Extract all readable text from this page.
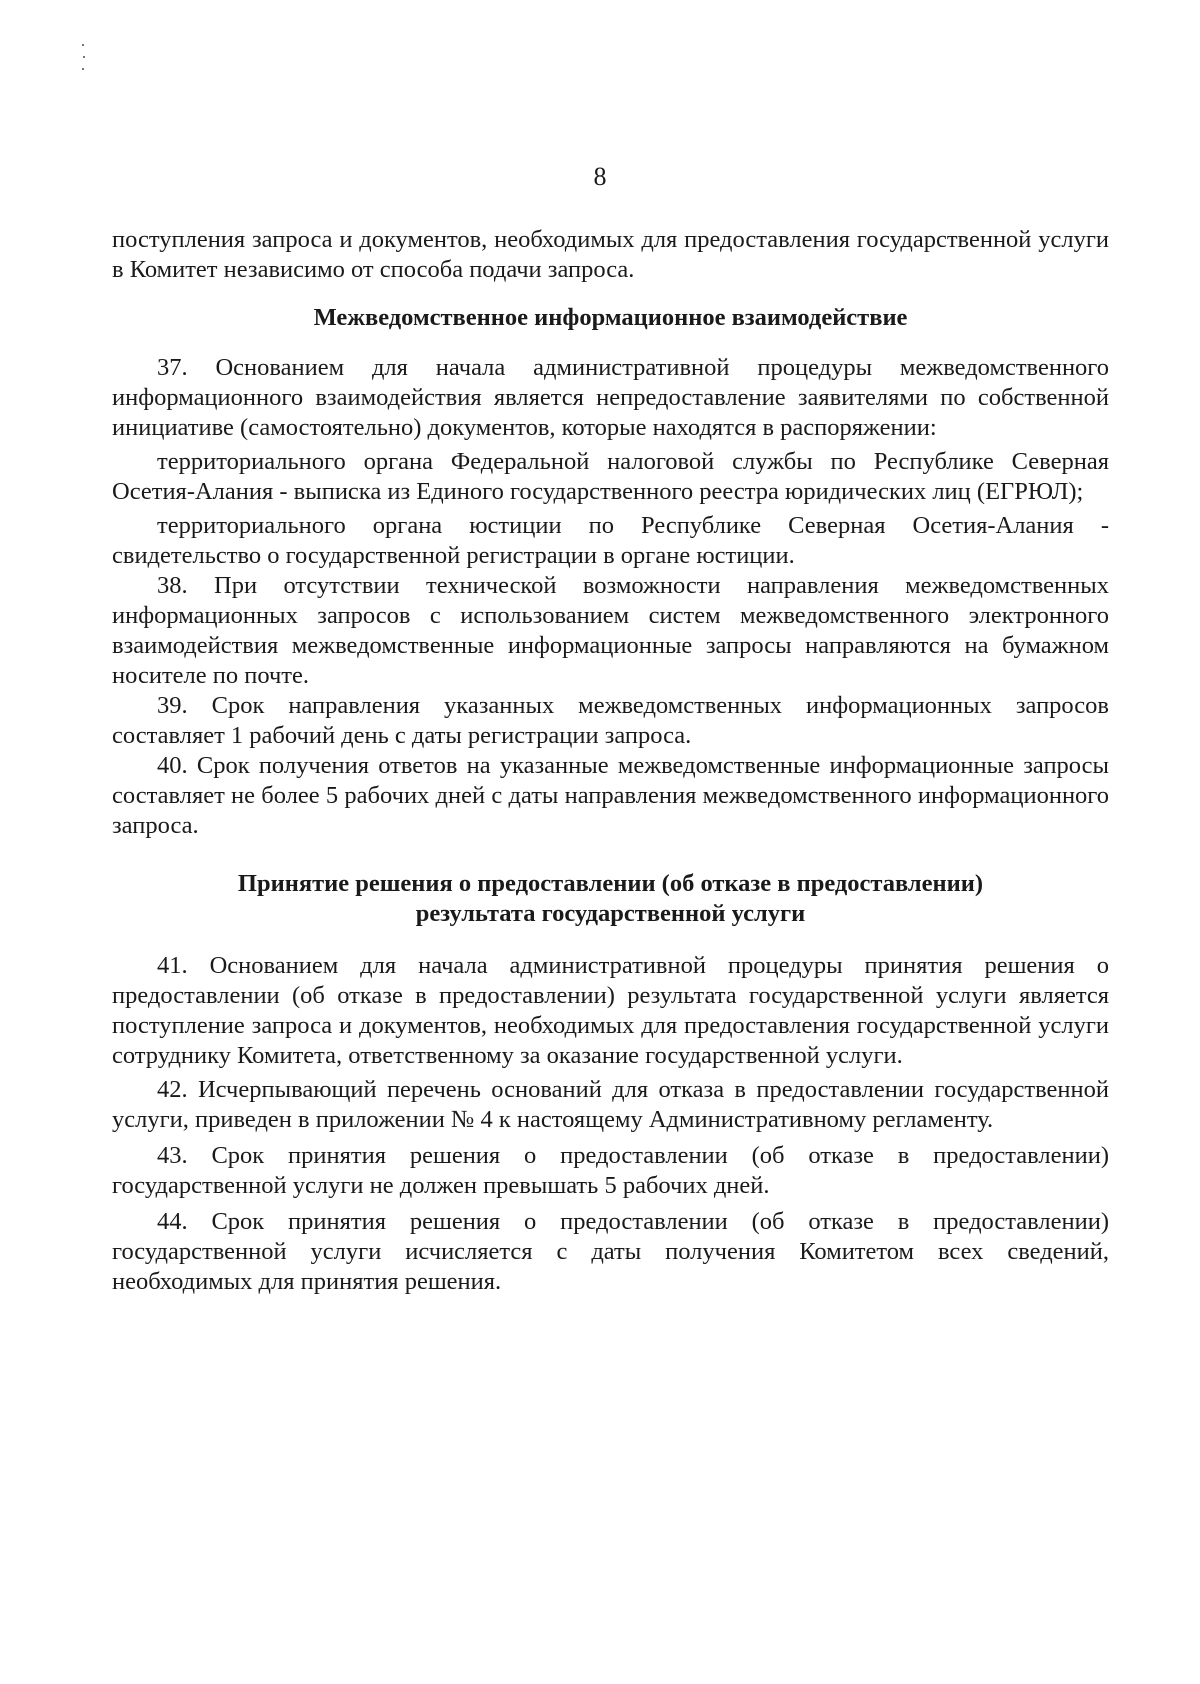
8

поступления запроса и документов, необходимых для предоставления государственной услуги в Комитет независимо от способа подачи запроса.

Межведомственное информационное взаимодействие

37. Основанием для начала административной процедуры межведомственного информационного взаимодействия является непредоставление заявителями по собственной инициативе (самостоятельно) документов, которые находятся в распоряжении:

территориального органа Федеральной налоговой службы по Республике Северная Осетия-Алания - выписка из Единого государственного реестра юридических лиц (ЕГРЮЛ);

территориального органа юстиции по Республике Северная Осетия-Алания - свидетельство о государственной регистрации в органе юстиции.

38. При отсутствии технической возможности направления межведомственных информационных запросов с использованием систем межведомственного электронного взаимодействия межведомственные информационные запросы направляются на бумажном носителе по почте.

39. Срок направления указанных межведомственных информационных запросов составляет 1 рабочий день с даты регистрации запроса.

40. Срок получения ответов на указанные межведомственные информационные запросы составляет не более 5 рабочих дней с даты направления межведомственного информационного запроса.

Принятие решения о предоставлении (об отказе в предоставлении)
результата государственной услуги

41. Основанием для начала административной процедуры принятия решения о предоставлении (об отказе в предоставлении) результата государственной услуги является поступление запроса и документов, необходимых для предоставления государственной услуги сотруднику Комитета, ответственному за оказание государственной услуги.

42. Исчерпывающий перечень оснований для отказа в предоставлении государственной услуги, приведен в приложении № 4 к настоящему Административному регламенту.

43. Срок принятия решения о предоставлении (об отказе в предоставлении) государственной услуги не должен превышать 5 рабочих дней.

44. Срок принятия решения о предоставлении (об отказе в предоставлении) государственной услуги исчисляется с даты получения Комитетом всех сведений, необходимых для принятия решения.
